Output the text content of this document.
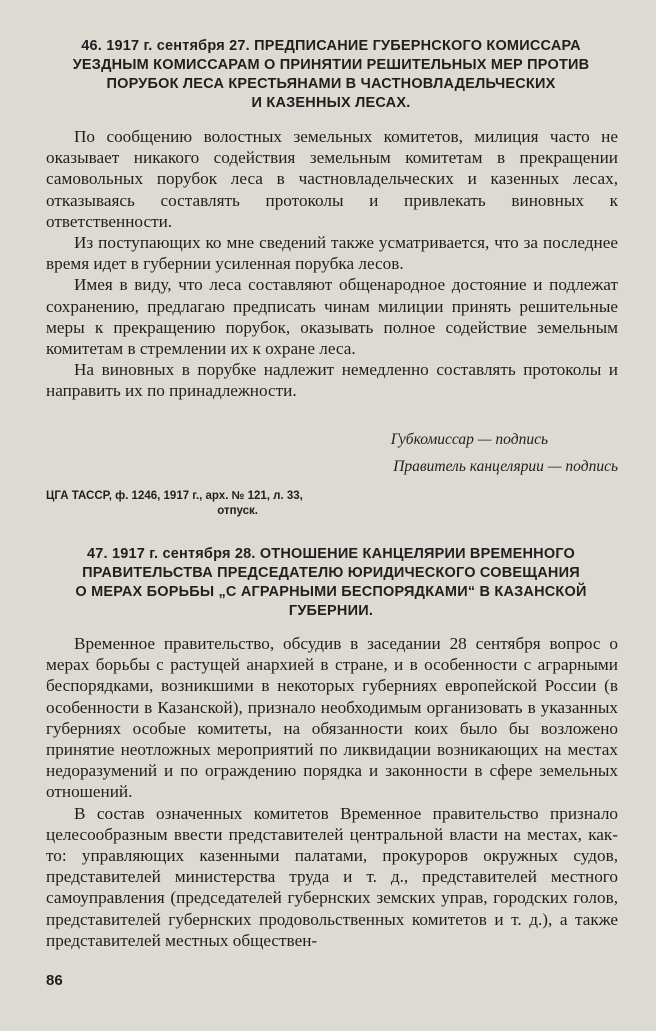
46. 1917 г. сентября 27. ПРЕДПИСАНИЕ ГУБЕРНСКОГО КОМИССАРА
УЕЗДНЫМ КОМИССАРАМ О ПРИНЯТИИ РЕШИТЕЛЬНЫХ МЕР ПРОТИВ
ПОРУБОК ЛЕСА КРЕСТЬЯНАМИ В ЧАСТНОВЛАДЕЛЬЧЕСКИХ
И КАЗЕННЫХ ЛЕСАХ.

По сообщению волостных земельных комитетов, милиция часто не оказывает никакого содействия земельным комитетам в прекращении самовольных порубок леса в частновладельческих и казенных лесах, отказываясь составлять протоколы и привлекать виновных к ответственности.

Из поступающих ко мне сведений также усматривается, что за последнее время идет в губернии усиленная порубка лесов.

Имея в виду, что леса составляют общенародное достояние и подлежат сохранению, предлагаю предписать чинам милиции принять решительные меры к прекращению порубок, оказывать полное содействие земельным комитетам в стремлении их к охране леса.

На виновных в порубке надлежит немедленно составлять протоколы и направить их по принадлежности.

Губкомиссар — подпись
Правитель канцелярии — подпись
ЦГА ТАССР, ф. 1246, 1917 г., арх. № 121, л. 33,
отпуск.
47. 1917 г. сентября 28. ОТНОШЕНИЕ КАНЦЕЛЯРИИ ВРЕМЕННОГО
ПРАВИТЕЛЬСТВА ПРЕДСЕДАТЕЛЮ ЮРИДИЧЕСКОГО СОВЕЩАНИЯ
О МЕРАХ БОРЬБЫ „С АГРАРНЫМИ БЕСПОРЯДКАМИ“ В КАЗАНСКОЙ
ГУБЕРНИИ.

Временное правительство, обсудив в заседании 28 сентября вопрос о мерах борьбы с растущей анархией в стране, и в особенности с аграрными беспорядками, возникшими в некоторых губерниях европейской России (в особенности в Казанской), признало необходимым организовать в указанных губерниях особые комитеты, на обязанности коих было бы возложено принятие неотложных мероприятий по ликвидации возникающих на местах недоразумений и по ограждению порядка и законности в сфере земельных отношений.

В состав означенных комитетов Временное правительство признало целесообразным ввести представителей центральной власти на местах, как-то: управляющих казенными палатами, прокуроров окружных судов, представителей министерства труда и т. д., представителей местного самоуправления (председателей губернских земских управ, городских голов, представителей губернских продовольственных комитетов и т. д.), а также представителей местных обществен-

86
